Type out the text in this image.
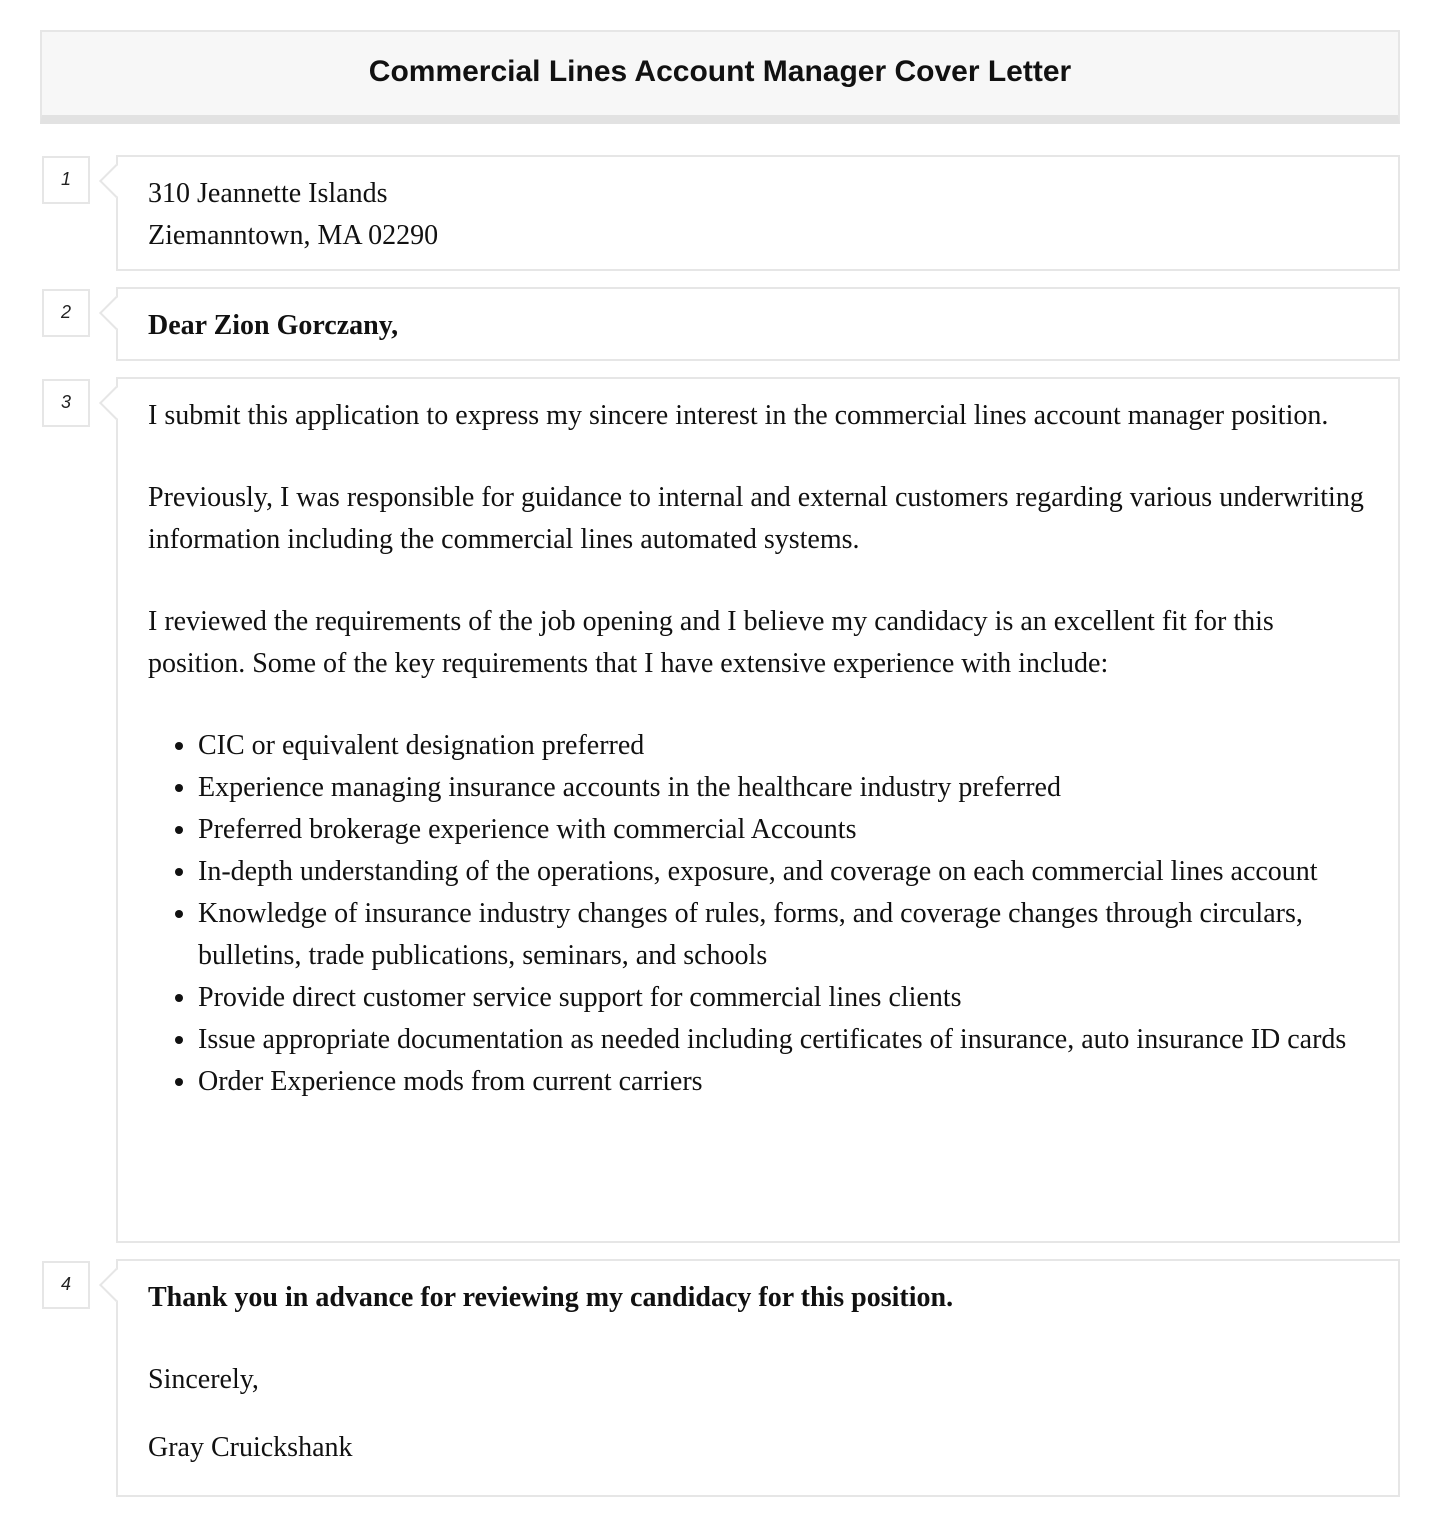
Commercial Lines Account Manager Cover Letter
1	310 Jeannette Islands
Ziemanntown, MA 02290
2	Dear Zion Gorczany,
3	I submit this application to express my sincere interest in the commercial lines account manager position.

Previously, I was responsible for guidance to internal and external customers regarding various underwriting information including the commercial lines automated systems.

I reviewed the requirements of the job opening and I believe my candidacy is an excellent fit for this position. Some of the key requirements that I have extensive experience with include:

• CIC or equivalent designation preferred
• Experience managing insurance accounts in the healthcare industry preferred
• Preferred brokerage experience with commercial Accounts
• In-depth understanding of the operations, exposure, and coverage on each commercial lines account
• Knowledge of insurance industry changes of rules, forms, and coverage changes through circulars, bulletins, trade publications, seminars, and schools
• Provide direct customer service support for commercial lines clients
• Issue appropriate documentation as needed including certificates of insurance, auto insurance ID cards
• Order Experience mods from current carriers
4	Thank you in advance for reviewing my candidacy for this position.
Sincerely,
Gray Cruickshank
